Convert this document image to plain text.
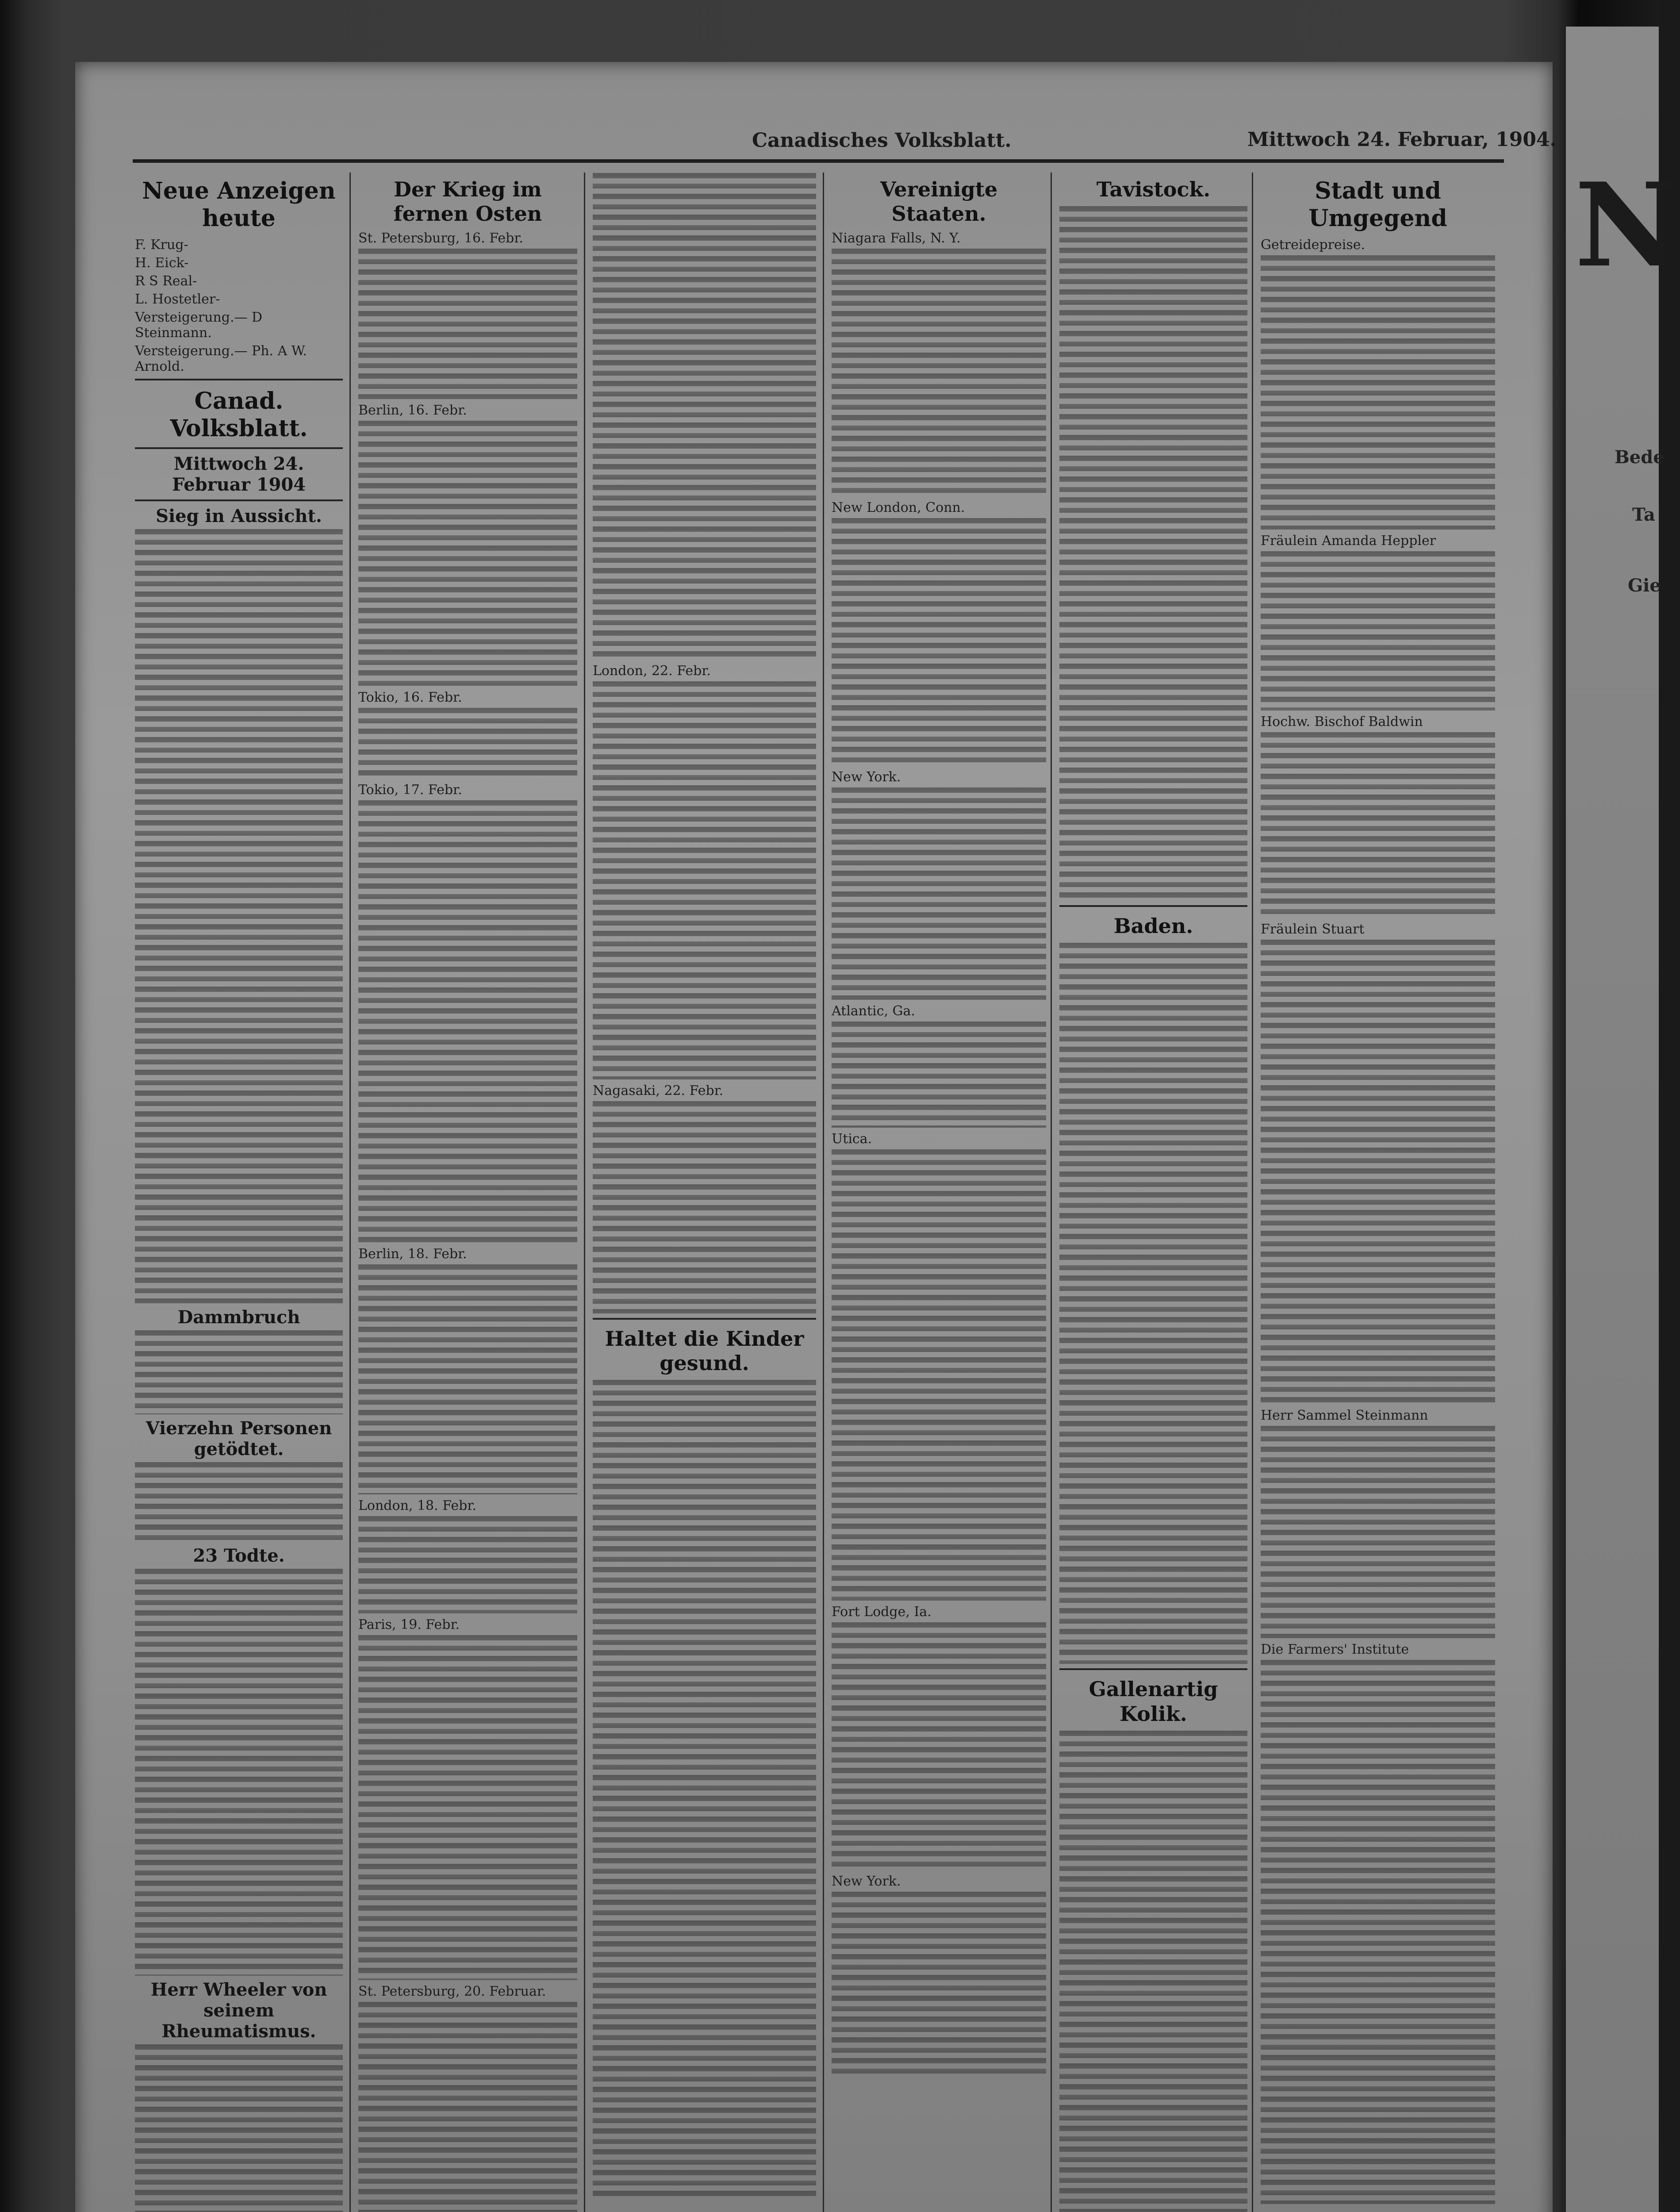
N
Bede
Ta
Gie
Canadisches Volksblatt.	Mittwoch 24. Februar, 1904.
Neue Anzeigen heute
F. Krug-
H. Eick-
R S Real-
L. Hostetler-
Versteigerung.— D Steinmann.
Versteigerung.— Ph. A W. Arnold.
Canad. Volksblatt.
Mittwoch 24. Februar 1904
Sieg in Aussicht.
Dammbruch
Vierzehn Personen getödtet.
23 Todte.
Herr Wheeler von seinem Rheumatismus.
Der Krieg im fernen Osten
St. Petersburg, 16. Febr.
Berlin, 16. Febr.
Tokio, 16. Febr.
Tokio, 17. Febr.
Berlin, 18. Febr.
London, 18. Febr.
Paris, 19. Febr.
St. Petersburg, 20. Februar.
London, 22. Febr.
Nagasaki, 22. Febr.
Haltet die Kinder gesund.
Vereinigte Staaten.
Niagara Falls, N. Y.
New London, Conn.
New York.
Atlantic, Ga.
Utica.
Fort Lodge, Ia.
New York.
Tavistock.
Baden.
Gallenartig Kolik.
Stadt und Umgegend
Getreidepreise.
Fräulein Amanda Heppler
Hochw. Bischof Baldwin
Fräulein Stuart
Herr Sammel Steinmann
Die Farmers' Institute
